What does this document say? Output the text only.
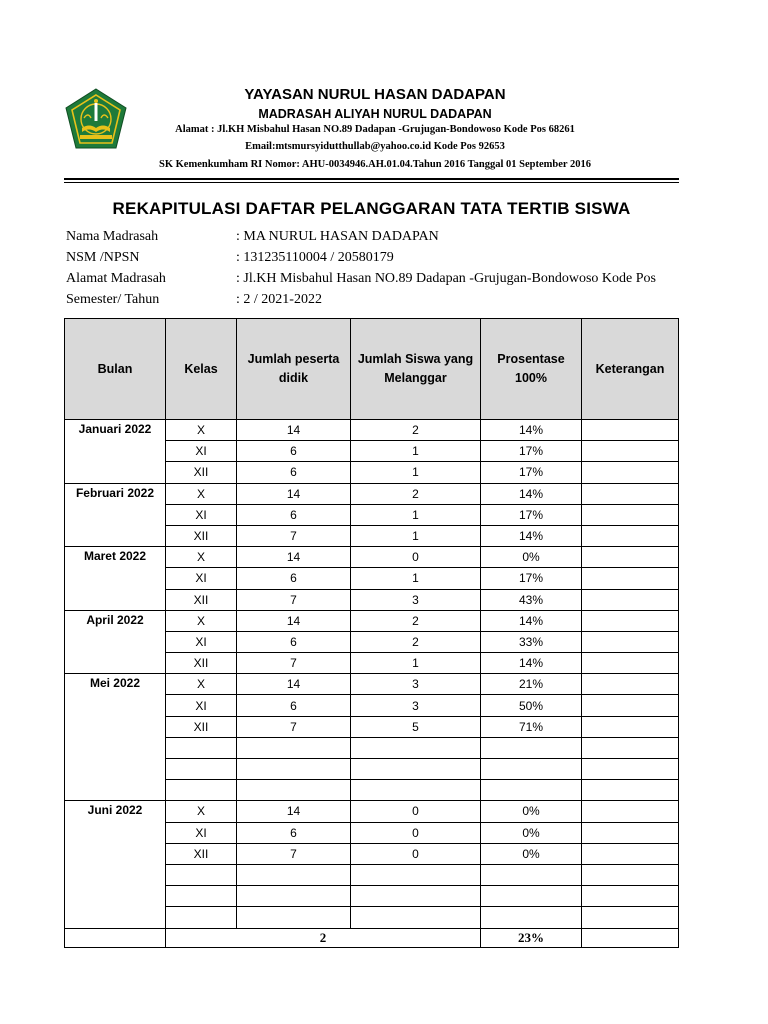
YAYASAN NURUL HASAN DADAPAN
MADRASAH ALIYAH NURUL DADAPAN
Alamat : Jl.KH Misbahul Hasan NO.89 Dadapan -Grujugan-Bondowoso Kode Pos 68261
Email:mtsmursyidutthullab@yahoo.co.id Kode Pos 92653
SK Kemenkumham RI Nomor: AHU-0034946.AH.01.04.Tahun 2016 Tanggal 01 September 2016
REKAPITULASI DAFTAR PELANGGARAN TATA TERTIB SISWA
Nama Madrasah	: MA NURUL HASAN DADAPAN
NSM /NPSN	: 131235110004 / 20580179
Alamat Madrasah	: Jl.KH Misbahul Hasan NO.89 Dadapan -Grujugan-Bondowoso Kode Pos
Semester/ Tahun	: 2 / 2021-2022
Bulan	Kelas	Jumlah peserta didik	Jumlah Siswa yang Melanggar	Prosentase 100%	Keterangan
Januari 2022	X	14	2	14%	
	XI	6	1	17%	
	XII	6	1	17%	
Februari 2022	X	14	2	14%	
	XI	6	1	17%	
	XII	7	1	14%	
Maret 2022	X	14	0	0%	
	XI	6	1	17%	
	XII	7	3	43%	
April 2022	X	14	2	14%	
	XI	6	2	33%	
	XII	7	1	14%	
Mei 2022	X	14	3	21%	
	XI	6	3	50%	
	XII	7	5	71%	

Juni 2022	X	14	0	0%	
	XI	6	0	0%	
	XII	7	0	0%	

	2			23%	
